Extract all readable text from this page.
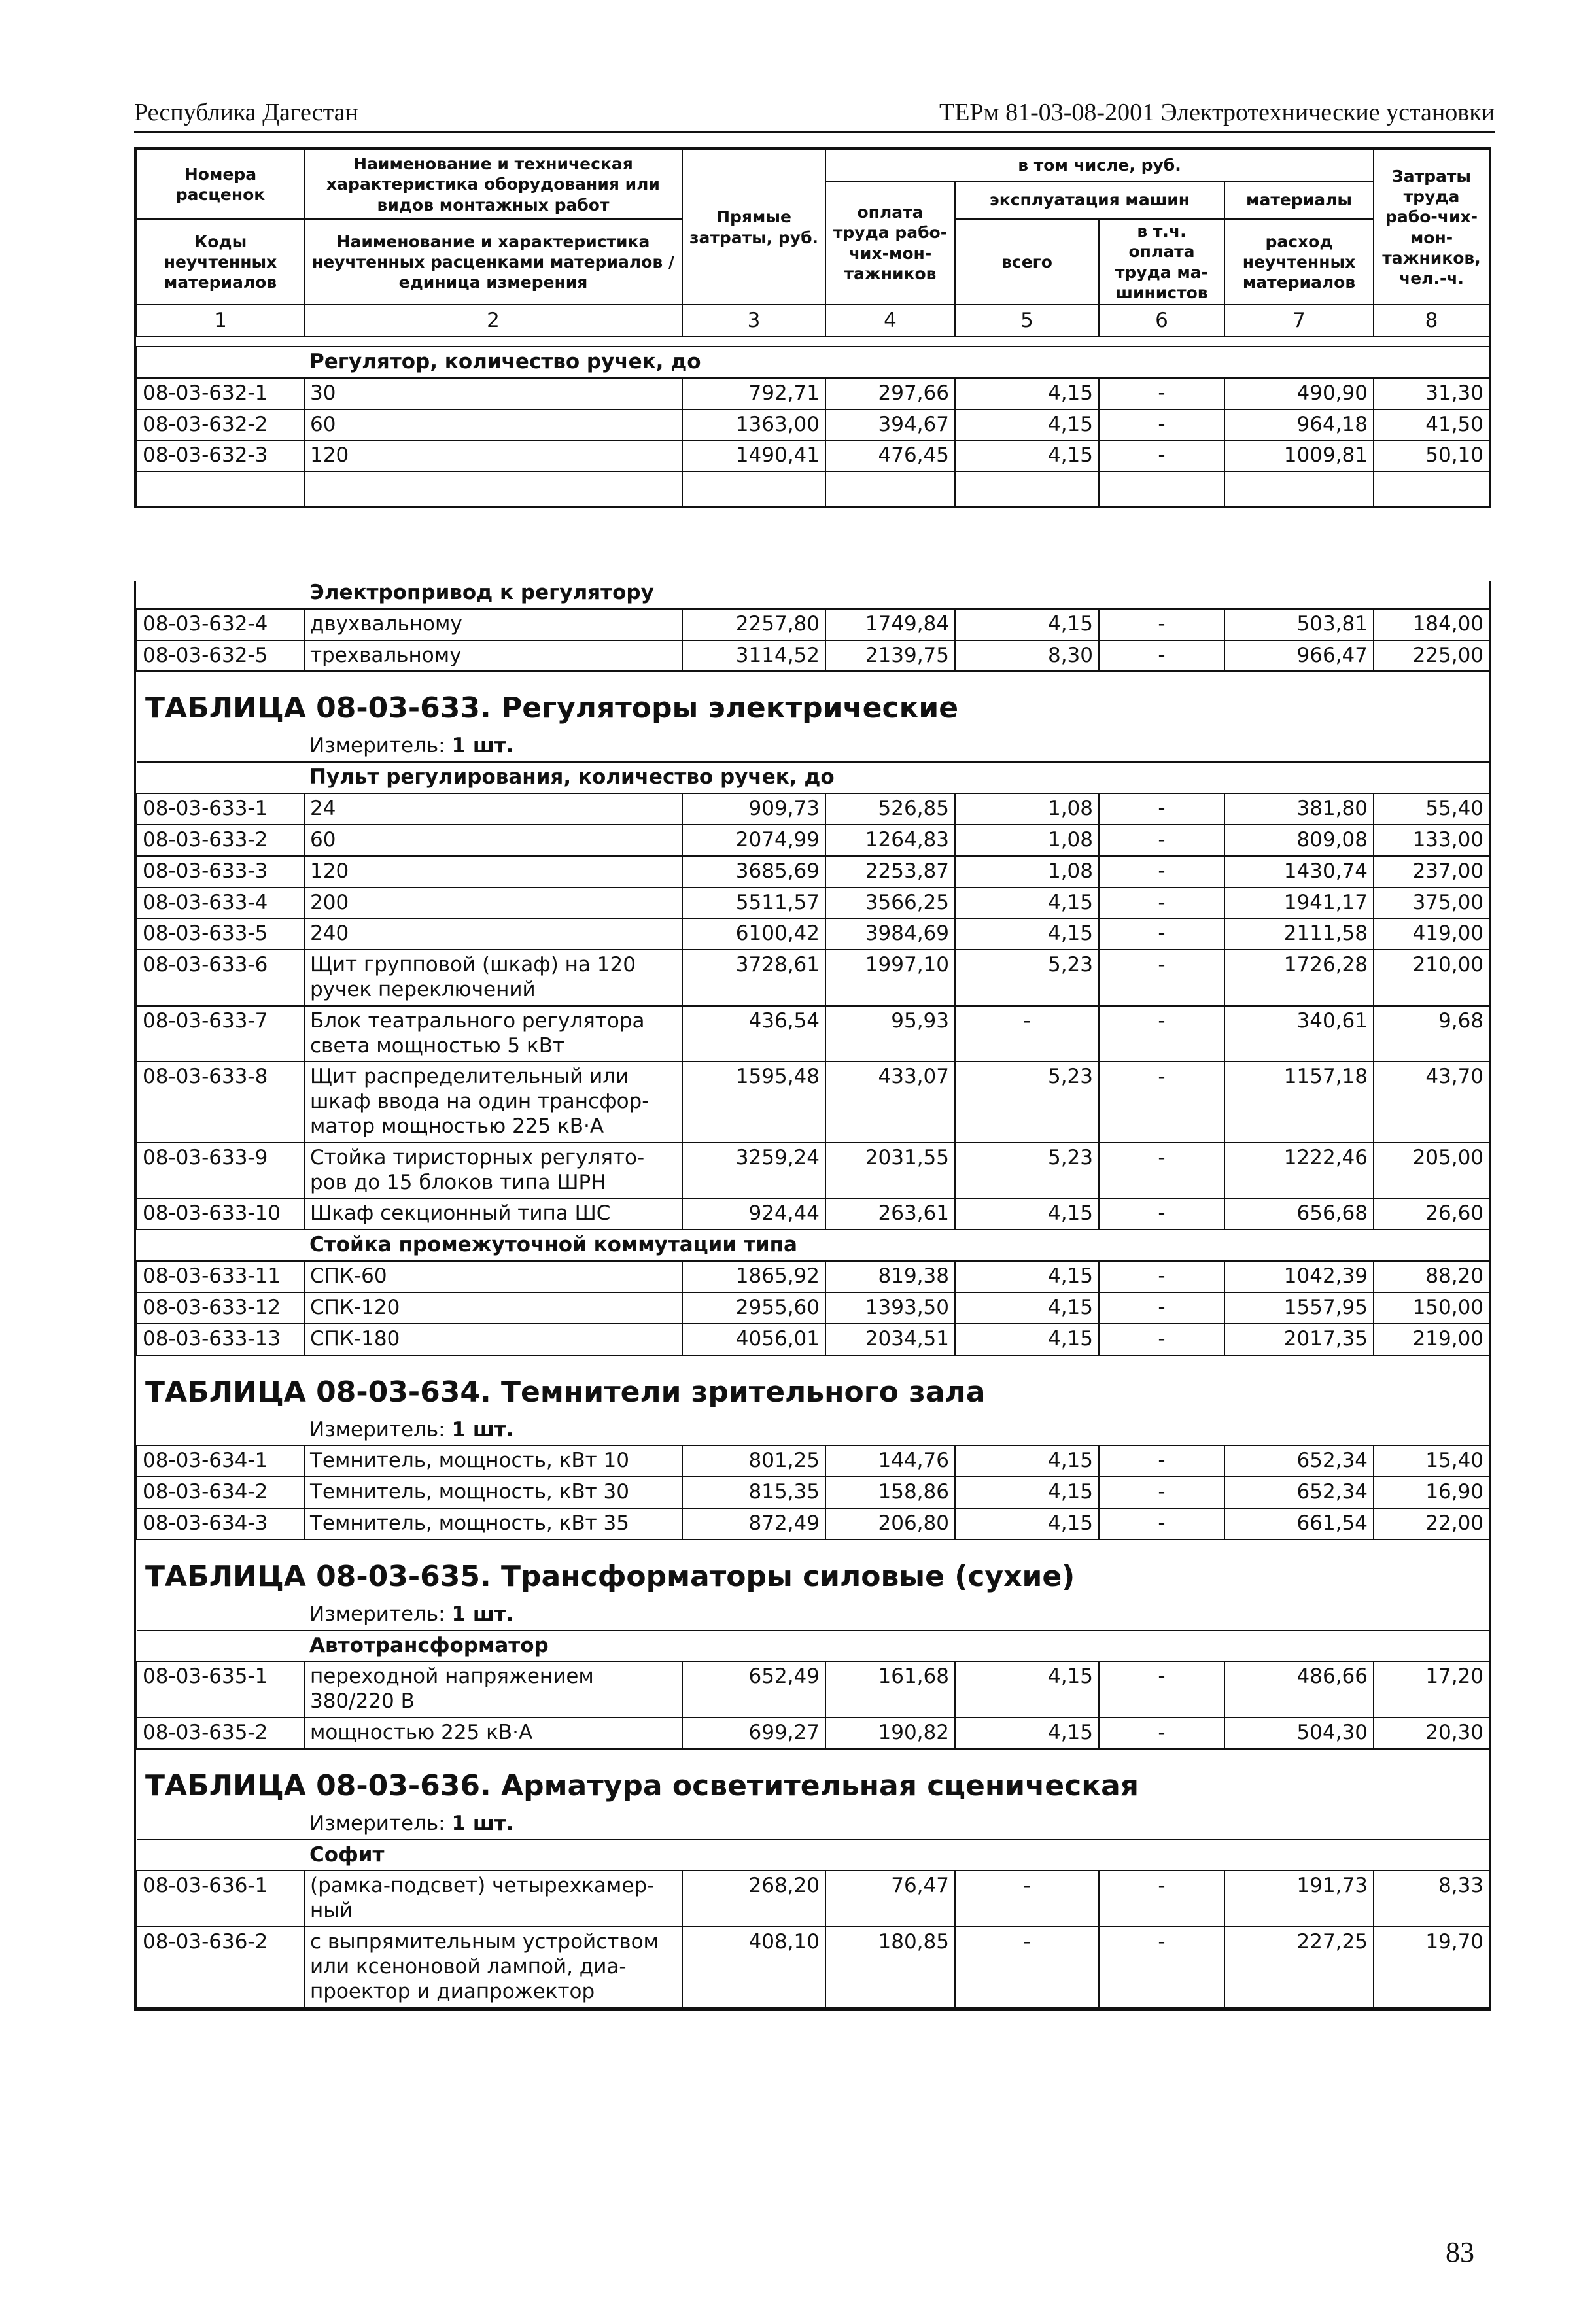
Республика Дагестан	ТЕРм 81-03-08-2001 Электротехнические установки
Номера расценок	Наименование и техническая характеристика оборудования или видов монтажных работ	Прямые затраты, руб.	в том числе, руб.				Затраты труда рабо-чих-мон-тажников, чел.-ч.
			оплата труда рабо-чих-мон-тажников	эксплуатация машин		материалы	
Коды неучтенных материалов	Наименование и характеристика неучтенных расценками материалов / единица измерения			всего	в т.ч. оплата труда ма-шинистов	расход неучтенных материалов	

1	2	3	4	5	6	7	8
	Регулятор, количество ручек, до						
08-03-632-1	30	792,71	297,66	4,15	-	490,90	31,30
08-03-632-2	60	1363,00	394,67	4,15	-	964,18	41,50
08-03-632-3	120	1490,41	476,45	4,15	-	1009,81	50,10

	Электропривод к регулятору						
08-03-632-4	двухвальному	2257,80	1749,84	4,15	-	503,81	184,00
08-03-632-5	трехвальному	3114,52	2139,75	8,30	-	966,47	225,00
ТАБЛИЦА 08-03-633. Регуляторы электрические
	Измеритель: 1 шт.						
	Пульт регулирования, количество ручек, до						
08-03-633-1	24	909,73	526,85	1,08	-	381,80	55,40
08-03-633-2	60	2074,99	1264,83	1,08	-	809,08	133,00
08-03-633-3	120	3685,69	2253,87	1,08	-	1430,74	237,00
08-03-633-4	200	5511,57	3566,25	4,15	-	1941,17	375,00
08-03-633-5	240	6100,42	3984,69	4,15	-	2111,58	419,00
08-03-633-6	Щит групповой (шкаф) на 120 ручек переключений	3728,61	1997,10	5,23	-	1726,28	210,00
08-03-633-7	Блок театрального регулятора света мощностью 5 кВт	436,54	95,93	-	-	340,61	9,68
08-03-633-8	Щит распределительный или шкаф ввода на один трансфор-матор мощностью 225 кВ·А	1595,48	433,07	5,23	-	1157,18	43,70
08-03-633-9	Стойка тиристорных регулято-ров до 15 блоков типа ШРН	3259,24	2031,55	5,23	-	1222,46	205,00
08-03-633-10	Шкаф секционный типа ШС	924,44	263,61	4,15	-	656,68	26,60
	Стойка промежуточной коммутации типа						
08-03-633-11	СПК-60	1865,92	819,38	4,15	-	1042,39	88,20
08-03-633-12	СПК-120	2955,60	1393,50	4,15	-	1557,95	150,00
08-03-633-13	СПК-180	4056,01	2034,51	4,15	-	2017,35	219,00
ТАБЛИЦА 08-03-634. Темнители зрительного зала
	Измеритель: 1 шт.						
08-03-634-1	Темнитель, мощность, кВт 10	801,25	144,76	4,15	-	652,34	15,40
08-03-634-2	Темнитель, мощность, кВт 30	815,35	158,86	4,15	-	652,34	16,90
08-03-634-3	Темнитель, мощность, кВт 35	872,49	206,80	4,15	-	661,54	22,00
ТАБЛИЦА 08-03-635. Трансформаторы силовые (сухие)
	Измеритель: 1 шт.						
	Автотрансформатор						
08-03-635-1	переходной напряжением 380/220 В	652,49	161,68	4,15	-	486,66	17,20
08-03-635-2	мощностью 225 кВ·А	699,27	190,82	4,15	-	504,30	20,30
ТАБЛИЦА 08-03-636. Арматура осветительная сценическая
	Измеритель: 1 шт.						
	Софит						
08-03-636-1	(рамка-подсвет) четырехкамер-ный	268,20	76,47	-	-	191,73	8,33
08-03-636-2	с выпрямительным устройством или ксеноновой лампой, диа-проектор и диапрожектор	408,10	180,85	-	-	227,25	19,70
83
